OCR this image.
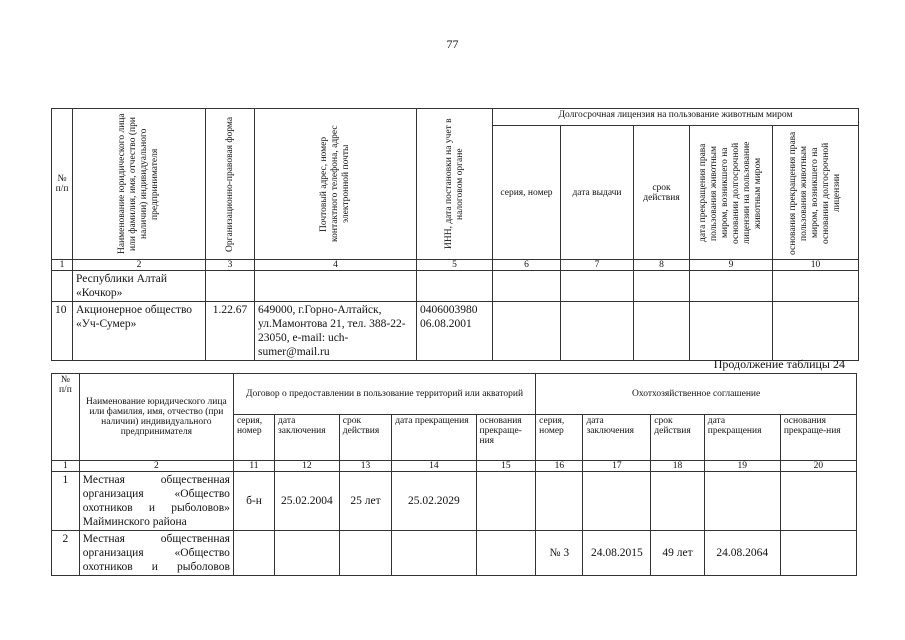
77
№
п/п	Наименование юридического лица или фамилия, имя, отчество (при наличии) индивидуального предпринимателя	Организационно-правовая форма	Почтовый адрес, номер контактного телефона, адрес электронной почты	ИНН, дата постановки на учет в налоговом органе	Долгосрочная лицензия на пользование животным миром				
					серия, номер	дата выдачи	срок действия	дата прекращения права пользования животным миром, возникшего на основании долгосрочной лицензии на пользование животным миром	основания прекращения права пользования животным миром, возникшего на основании долгосрочной лицензии

1	2	3	4	5	6	7	8	9	10
	Республики Алтай «Кочкор»								
10	Акционерное общество «Уч-Сумер»	1.22.67	649000, г.Горно-Алтайск, ул.Мамонтова 21, тел. 388-22-23050, e-mail: uch-sumer@mail.ru	0406003980 06.08.2001					
Продолжение таблицы 24
№
п/п	Наименование юридического лица или фамилия, имя, отчество (при наличии) индивидуального предпринимателя	Договор о предоставлении в пользование территорий или акваторий					Охотхозяйственное соглашение				
		серия, номер	дата заключения	срок действия	дата прекращения	основания прекраще-ния	серия, номер	дата заключения	срок действия	дата прекращения	основания прекраще-ния
1	2	11	12	13	14	15	16	17	18	19	20
1	Местная общественная
организация «Общество
охотников и рыболовов»
Майминского района	б-н	25.02.2004	25 лет	25.02.2029						
2	Местная общественная
организация «Общество
охотников и рыболовов						№ 3	24.08.2015	49 лет	24.08.2064	
